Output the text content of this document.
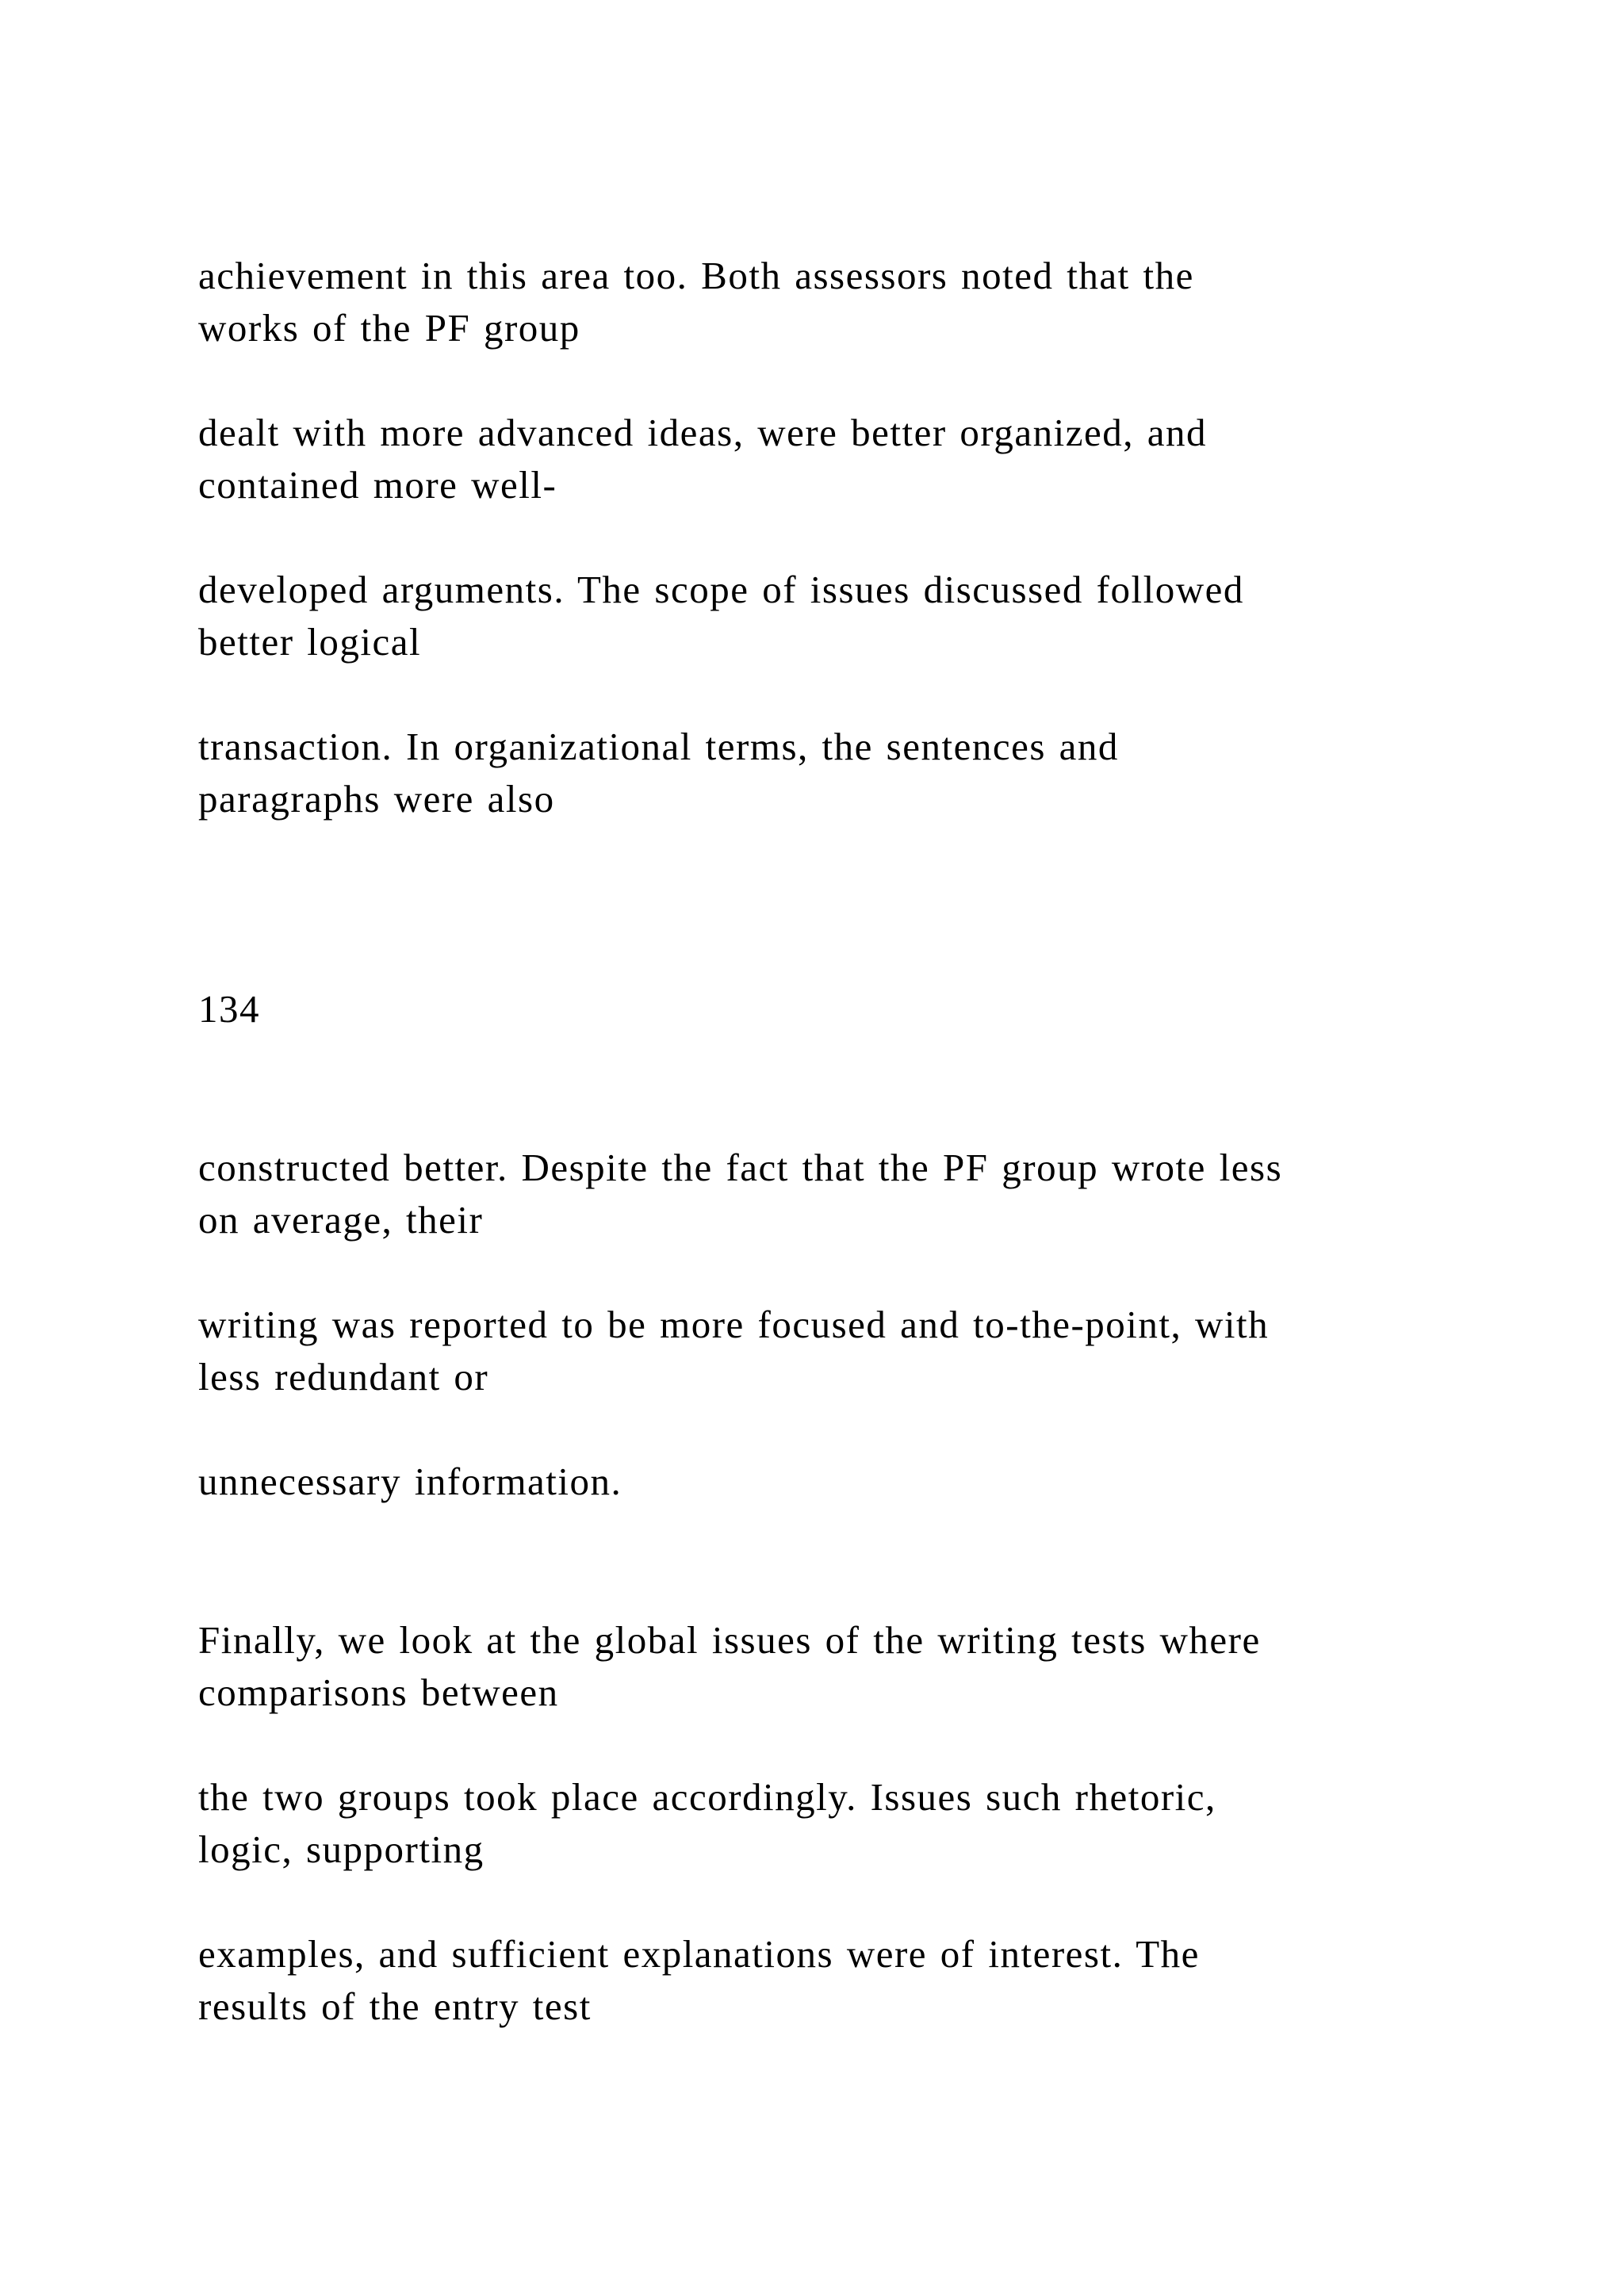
achievement in this area too. Both assessors noted that the
works of the PF group

dealt with more advanced ideas, were better organized, and
contained more well-

developed arguments. The scope of issues discussed followed
better logical

transaction. In organizational terms, the sentences and
paragraphs were also

134

constructed better. Despite the fact that the PF group wrote less
on average, their

writing was reported to be more focused and to-the-point, with
less redundant or

unnecessary information.

Finally, we look at the global issues of the writing tests where
comparisons between

the two groups took place accordingly. Issues such rhetoric,
logic, supporting

examples, and sufficient explanations were of interest. The
results of the entry test
